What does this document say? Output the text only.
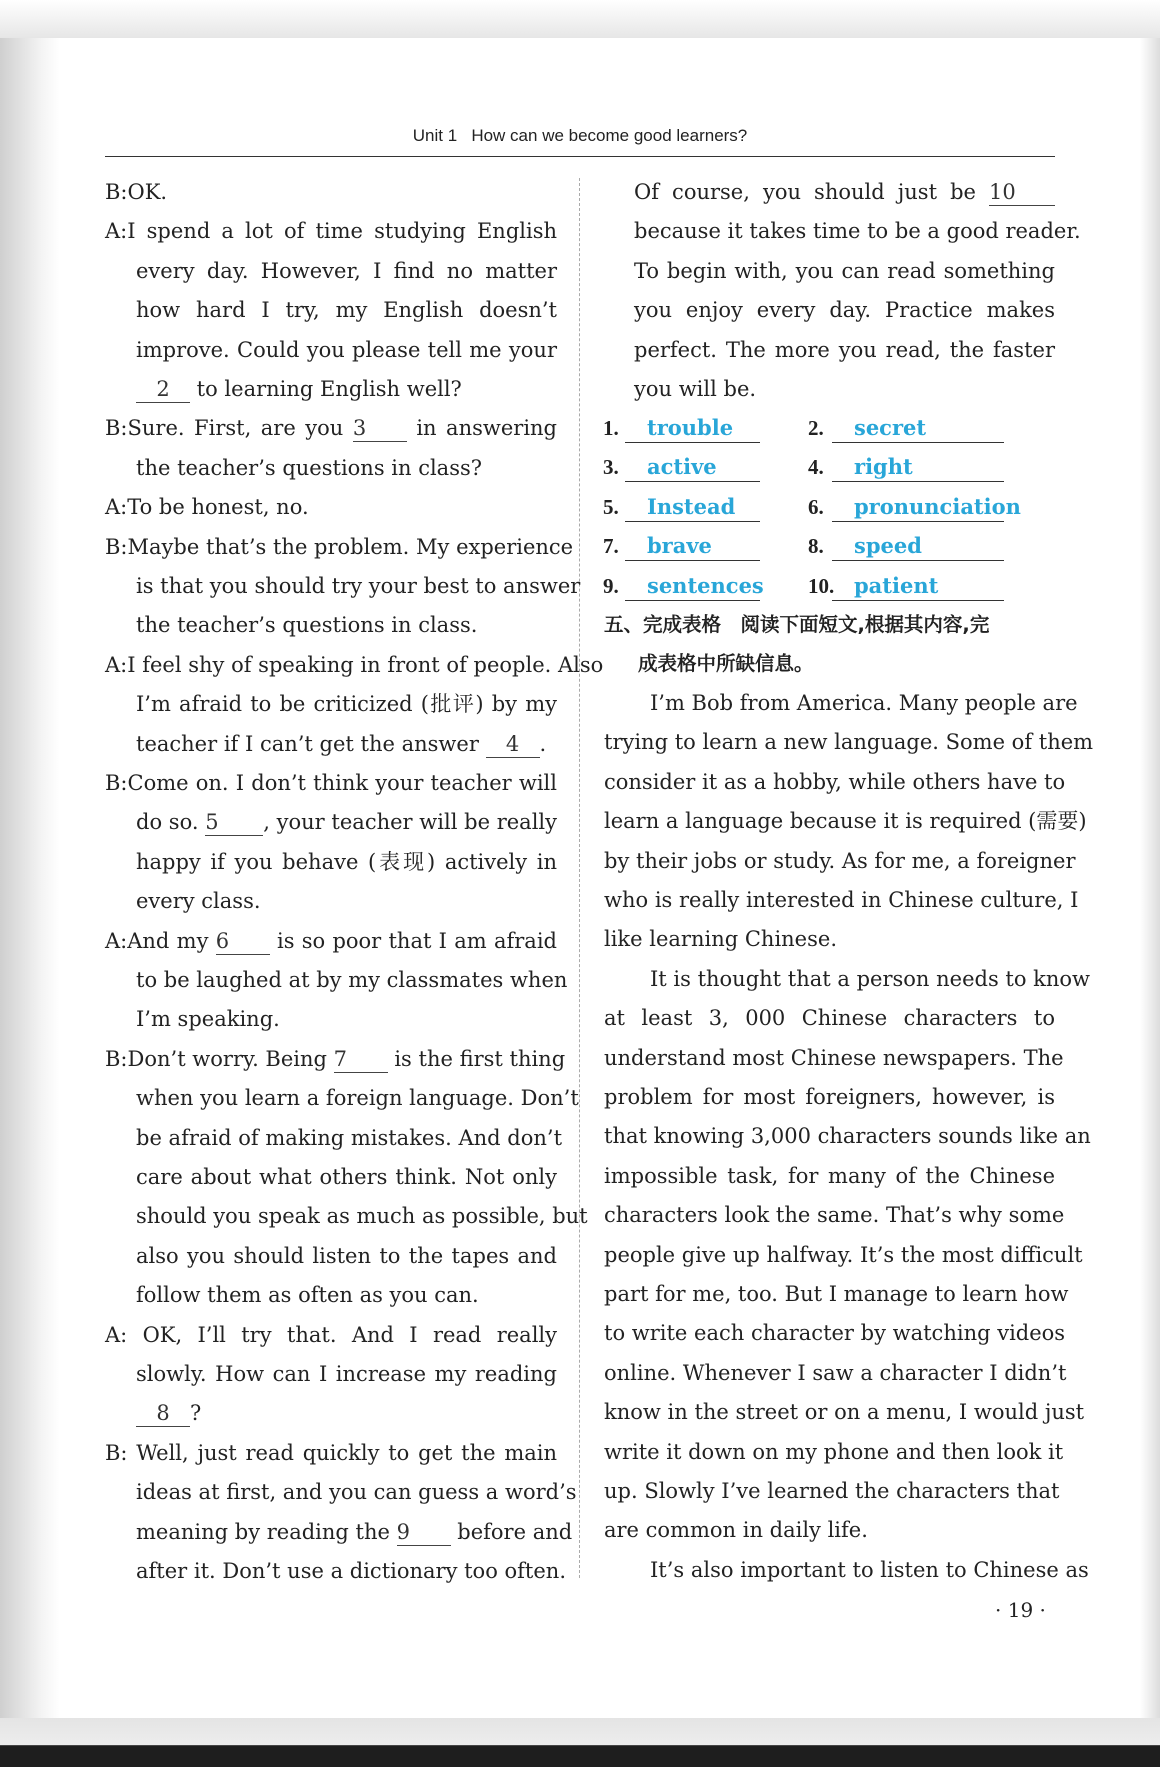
Unit 1 How can we become good learners?
B:OK.
A:I spend a lot of time studying English
every day. However, I find no matter
how hard I try, my English doesn’t
improve. Could you please tell me your
2 to learning English well?
B:Sure. First, are you 3 in answering
the teacher’s questions in class?
A:To be honest, no.
B:Maybe that’s the problem. My experience
is that you should try your best to answer
the teacher’s questions in class.
A:I feel shy of speaking in front of people. Also
I’m afraid to be criticized (批评) by my
teacher if I can’t get the answer 4 .
B:Come on. I don’t think your teacher will
do so. 5 , your teacher will be really
happy if you behave (表现) actively in
every class.
A:And my 6 is so poor that I am afraid
to be laughed at by my classmates when
I’m speaking.
B:Don’t worry. Being 7 is the first thing
when you learn a foreign language. Don’t
be afraid of making mistakes. And don’t
care about what others think. Not only
should you speak as much as possible, but
also you should listen to the tapes and
follow them as often as you can.
A: OK, I’ll try that. And I read really
slowly. How can I increase my reading
8 ?
B: Well, just read quickly to get the main
ideas at first, and you can guess a word’s
meaning by reading the 9 before and
after it. Don’t use a dictionary too often.
Of course, you should just be 10
because it takes time to be a good reader.
To begin with, you can read something
you enjoy every day. Practice makes
perfect. The more you read, the faster
you will be.
1. trouble	2. secret
3. active	4. right
5. Instead	6. pronunciation
7. brave	8. speed
9. sentences 10. patient
五、完成表格　阅读下面短文,根据其内容,完
成表格中所缺信息。
I’m Bob from America. Many people are
trying to learn a new language. Some of them
consider it as a hobby, while others have to
learn a language because it is required (需要)
by their jobs or study. As for me, a foreigner
who is really interested in Chinese culture, I
like learning Chinese.
It is thought that a person needs to know
at least 3, 000 Chinese characters to
understand most Chinese newspapers. The
problem for most foreigners, however, is
that knowing 3,000 characters sounds like an
impossible task, for many of the Chinese
characters look the same. That’s why some
people give up halfway. It’s the most difficult
part for me, too. But I manage to learn how
to write each character by watching videos
online. Whenever I saw a character I didn’t
know in the street or on a menu, I would just
write it down on my phone and then look it
up. Slowly I’ve learned the characters that
are common in daily life.
It’s also important to listen to Chinese as
· 19 ·
